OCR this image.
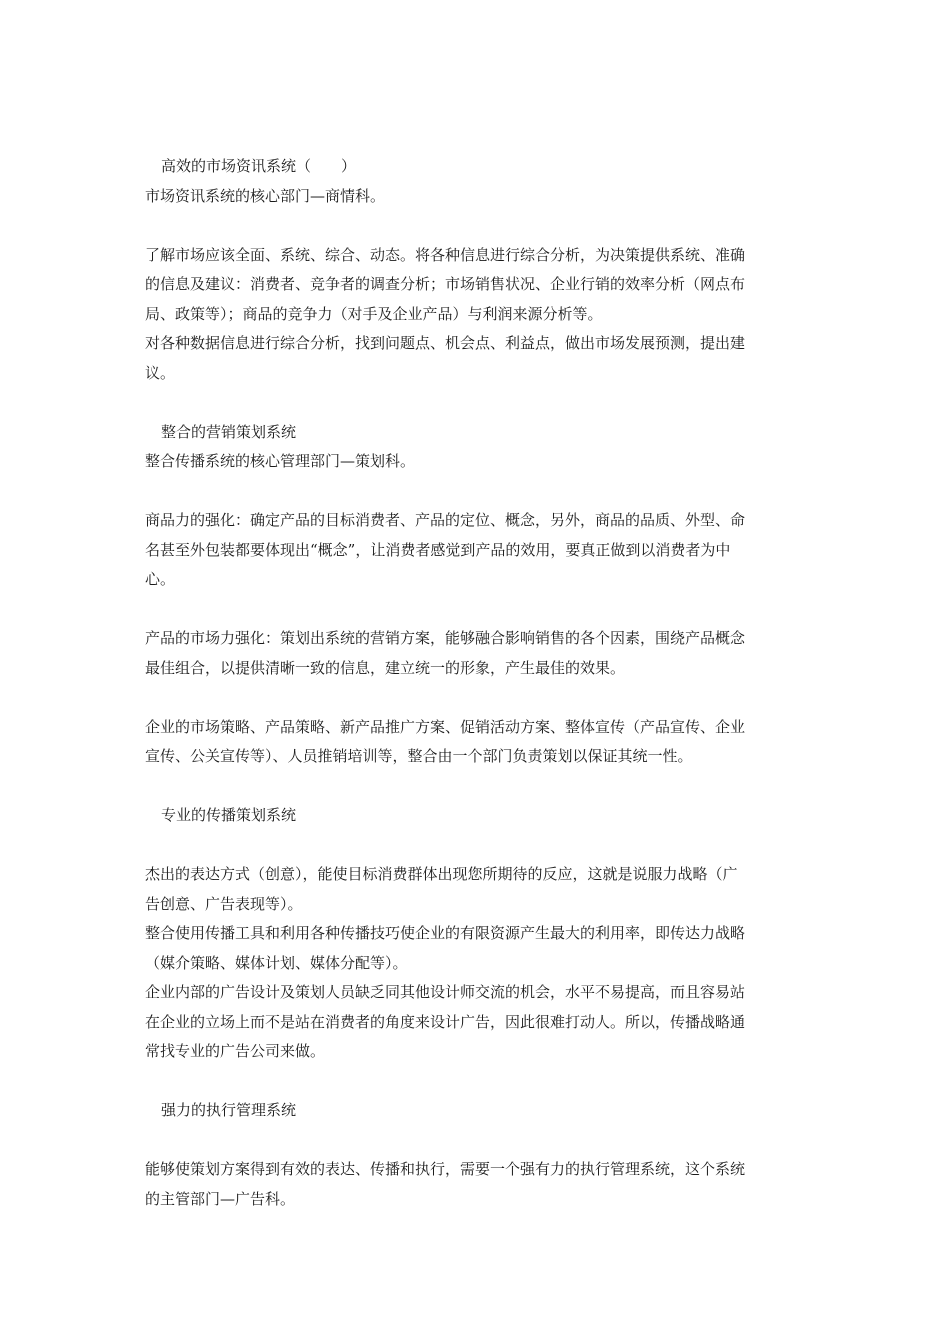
高效的市场资讯系统（　　）
市场资讯系统的核心部门—商情科。
了解市场应该全面、系统、综合、动态。将各种信息进行综合分析，为决策提供系统、准确
的信息及建议：消费者、竞争者的调查分析；市场销售状况、企业行销的效率分析（网点布
局、政策等）；商品的竞争力（对手及企业产品）与利润来源分析等。
对各种数据信息进行综合分析，找到问题点、机会点、利益点，做出市场发展预测，提出建
议。
整合的营销策划系统
整合传播系统的核心管理部门—策划科。
商品力的强化：确定产品的目标消费者、产品的定位、概念，另外，商品的品质、外型、命
名甚至外包装都要体现出“概念”，让消费者感觉到产品的效用，要真正做到以消费者为中
心。
产品的市场力强化：策划出系统的营销方案，能够融合影响销售的各个因素，围绕产品概念
最佳组合，以提供清晰一致的信息，建立统一的形象，产生最佳的效果。
企业的市场策略、产品策略、新产品推广方案、促销活动方案、整体宣传（产品宣传、企业
宣传、公关宣传等）、人员推销培训等，整合由一个部门负责策划以保证其统一性。
专业的传播策划系统
杰出的表达方式（创意），能使目标消费群体出现您所期待的反应，这就是说服力战略（广
告创意、广告表现等）。
整合使用传播工具和利用各种传播技巧使企业的有限资源产生最大的利用率，即传达力战略
（媒介策略、媒体计划、媒体分配等）。
企业内部的广告设计及策划人员缺乏同其他设计师交流的机会，水平不易提高，而且容易站
在企业的立场上而不是站在消费者的角度来设计广告，因此很难打动人。所以，传播战略通
常找专业的广告公司来做。
强力的执行管理系统
能够使策划方案得到有效的表达、传播和执行，需要一个强有力的执行管理系统，这个系统
的主管部门—广告科。
